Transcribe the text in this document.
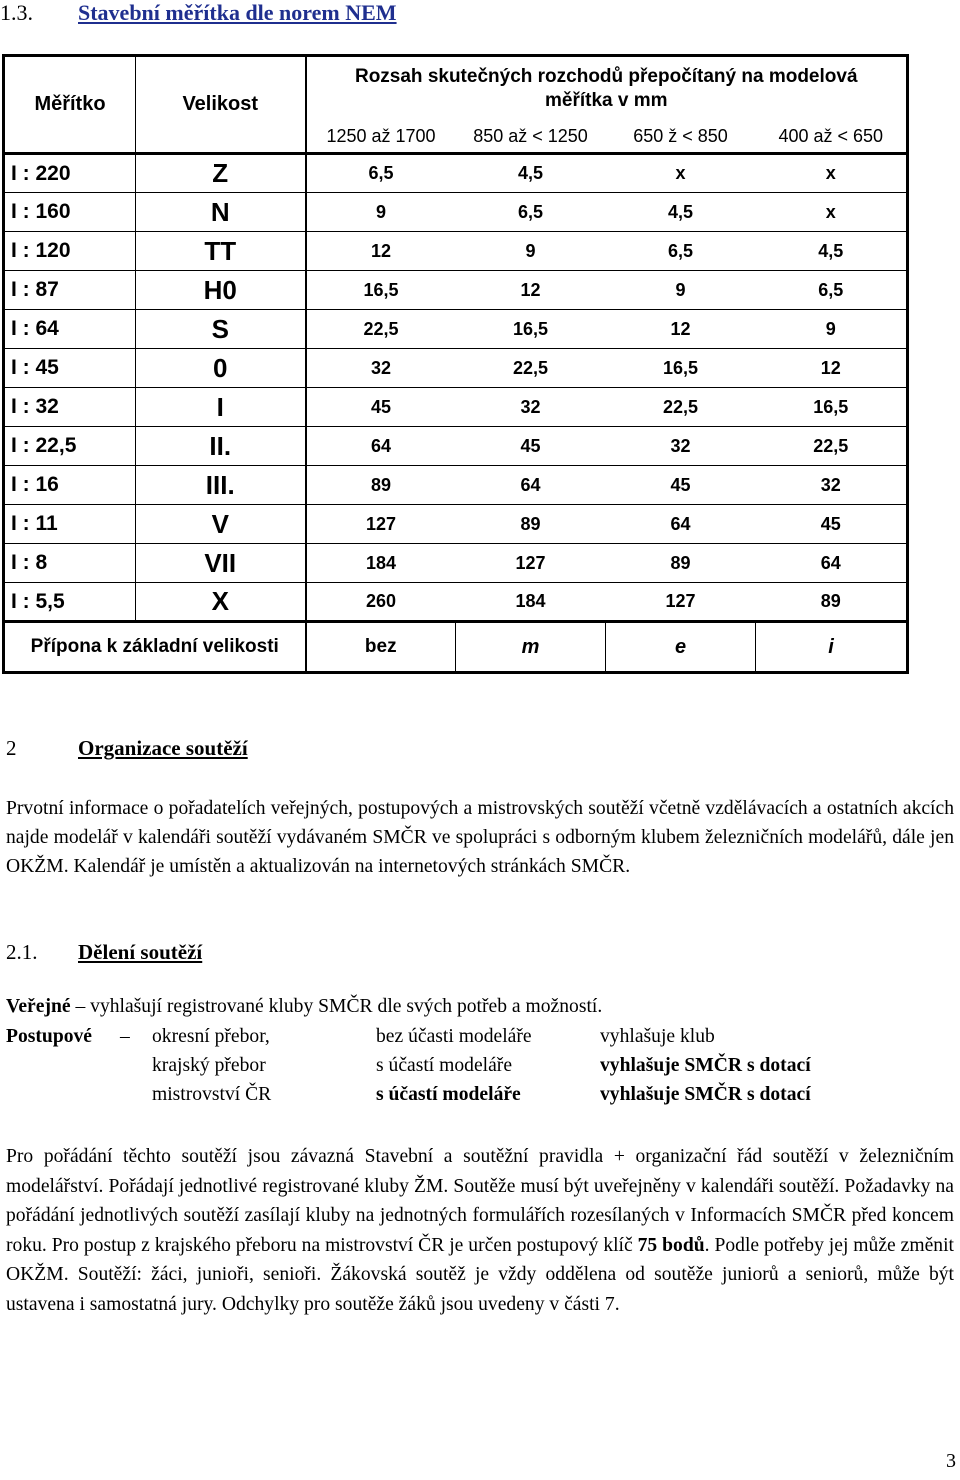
1.3. Stavební měřítka dle norem NEM
Měřítko	Velikost	Rozsah skutečných rozchodů přepočítaný na modelová měřítka v mm			
		1250 až 1700	850 až < 1250	650 ž < 850	400 až < 650
I : 220	Z	6,5	4,5	x	x
I : 160	N	9	6,5	4,5	x
I : 120	TT	12	9	6,5	4,5
I : 87	H0	16,5	12	9	6,5
I : 64	S	22,5	16,5	12	9
I : 45	0	32	22,5	16,5	12
I : 32	I	45	32	22,5	16,5
I : 22,5	II.	64	45	32	22,5
I : 16	III.	89	64	45	32
I : 11	V	127	89	64	45
I : 8	VII	184	127	89	64
I : 5,5	X	260	184	127	89
Přípona k základní velikosti		bez	m	e	i
2	Organizace soutěží

Prvotní informace o pořadatelích veřejných, postupových a mistrovských soutěží včetně vzdělávacích a ostatních akcích najde modelář v kalendáři soutěží vydávaném SMČR ve spolupráci s odborným klubem železničních modelářů, dále jen OKŽM. Kalendář je umístěn a aktualizován na internetových stránkách SMČR.

2.1. Dělení soutěží
Veřejné – vyhlašují registrované kluby SMČR dle svých potřeb a možností.
Postupové – okresní přebor,	bez účasti modeláře	vyhlašuje klub
krajský přebor	s účastí modeláře	vyhlašuje SMČR s dotací
mistrovství ČR	s účastí modeláře	vyhlašuje SMČR s dotací

Pro pořádání těchto soutěží jsou závazná Stavební a soutěžní pravidla + organizační řád soutěží v železničním modelářství. Pořádají jednotlivé registrované kluby ŽM. Soutěže musí být uveřejněny v kalendáři soutěží. Požadavky na pořádání jednotlivých soutěží zasílají kluby na jednotných formulářích rozesílaných v Informacích SMČR před koncem roku. Pro postup z krajského přeboru na mistrovství ČR je určen postupový klíč 75 bodů. Podle potřeby jej může změnit OKŽM. Soutěží: žáci, junioři, senioři. Žákovská soutěž je vždy oddělena od soutěže juniorů a seniorů, může být ustavena i samostatná jury. Odchylky pro soutěže žáků jsou uvedeny v části 7.

3
